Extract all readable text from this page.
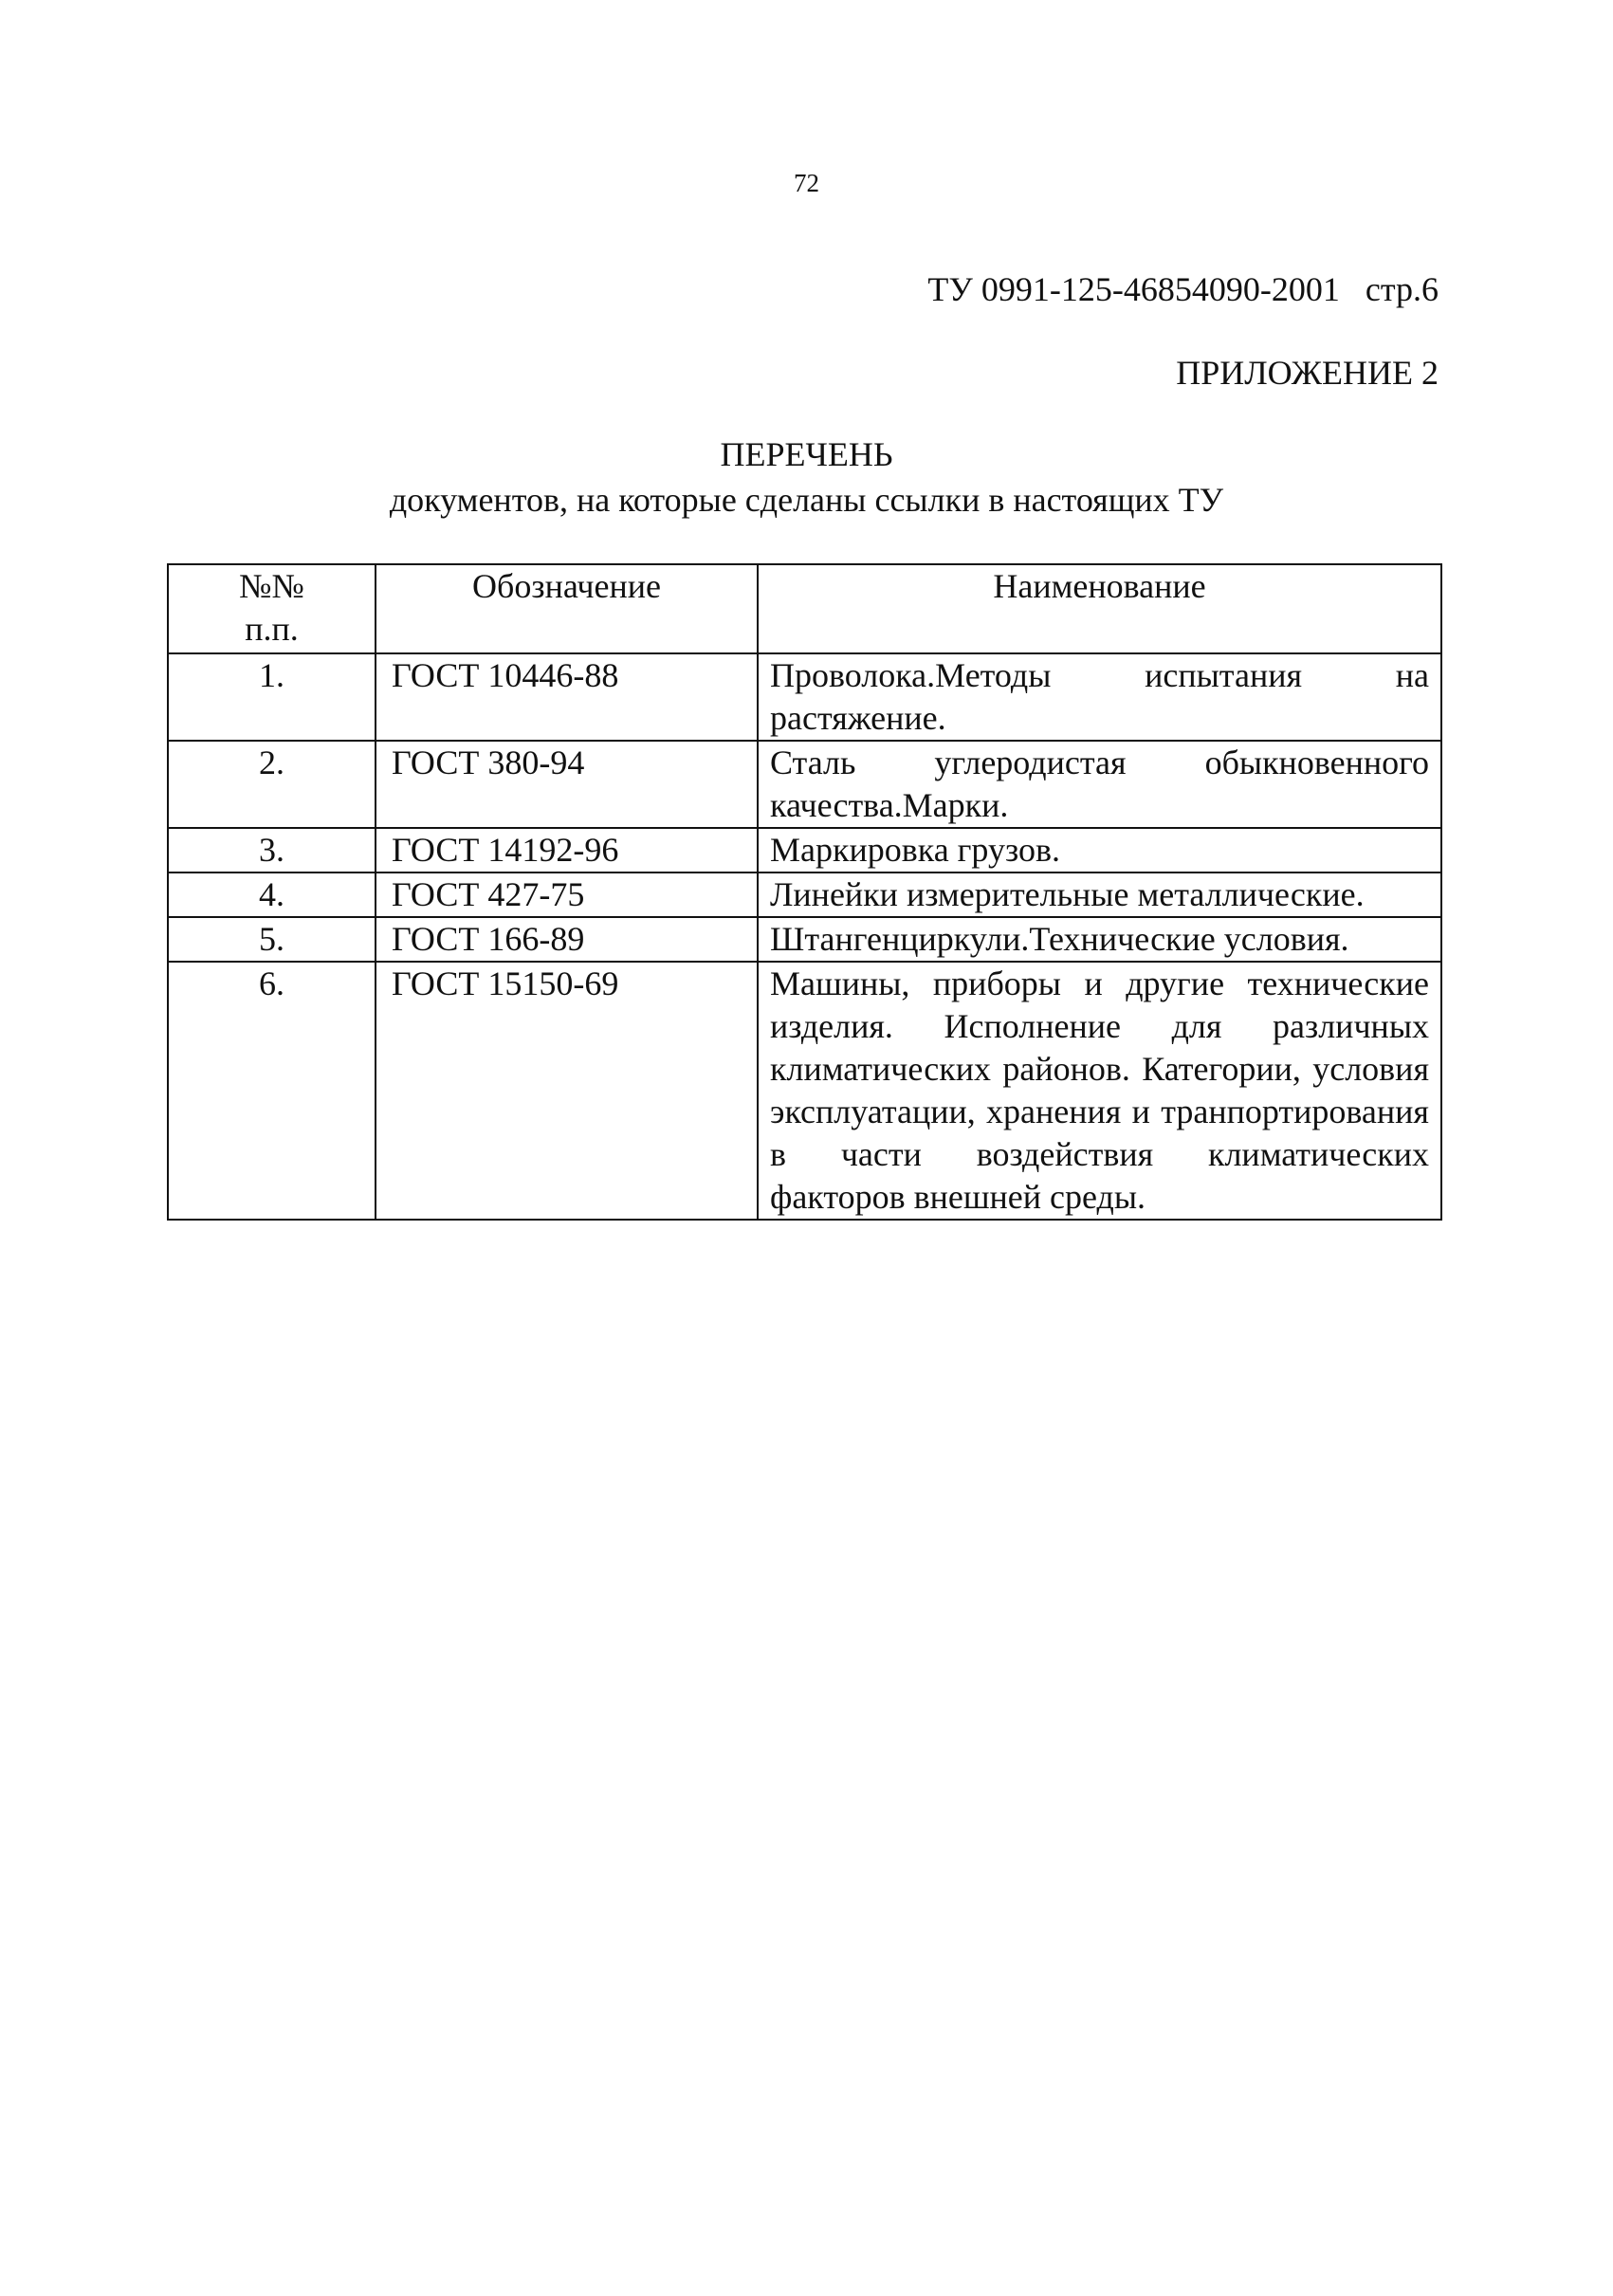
72
ТУ 0991-125-46854090-2001   стр.6
ПРИЛОЖЕНИЕ 2
ПЕРЕЧЕНЬ
документов, на которые сделаны ссылки в настоящих ТУ
№№
п.п.	Обозначение	Наименование
1.	ГОСТ 10446-88	Проволока.Методы испытания на растяжение.
2.	ГОСТ 380-94	Сталь углеродистая обыкновенного качества.Марки.
3.	ГОСТ 14192-96	Маркировка грузов.
4.	ГОСТ 427-75	Линейки измерительные металлические.
5.	ГОСТ 166-89	Штангенциркули.Технические условия.
6.	ГОСТ 15150-69	Машины, приборы и другие технические изделия. Исполнение для различных климатических районов. Категории, условия эксплуатации, хранения и транпортирования в части воздействия климатических факторов внешней среды.
